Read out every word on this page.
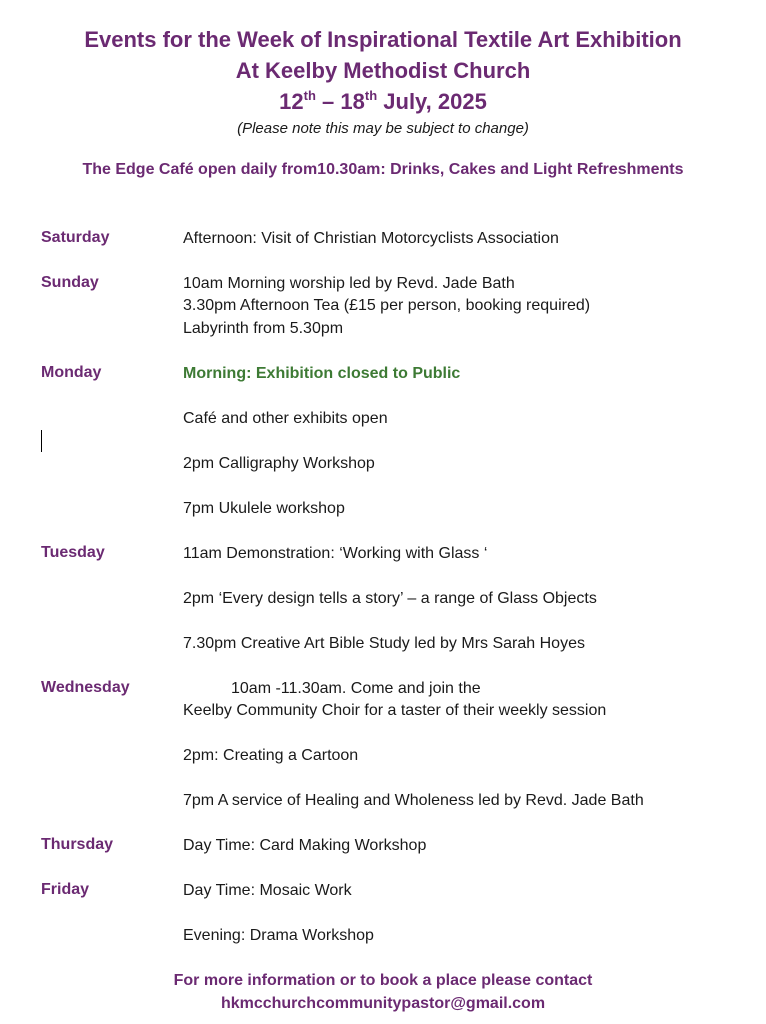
Events for the Week of Inspirational Textile Art Exhibition
At Keelby Methodist Church
12th – 18th July, 2025
(Please note this may be subject to change)
The Edge Café open daily from10.30am: Drinks, Cakes and Light Refreshments
Saturday	Afternoon: Visit of Christian Motorcyclists Association
Sunday	10am Morning worship led by Revd. Jade Bath
3.30pm Afternoon Tea (£15 per person, booking required)
Labyrinth from 5.30pm
Monday	Morning: Exhibition closed to Public
Café and other exhibits open
2pm Calligraphy Workshop
7pm Ukulele workshop
Tuesday	11am Demonstration: ‘Working with Glass ‘
2pm ‘Every design tells a story’ – a range of Glass Objects
7.30pm Creative Art Bible Study led by Mrs Sarah Hoyes
Wednesday	10am -11.30am. Come and join the
Keelby Community Choir for a taster of their weekly session
2pm: Creating a Cartoon
7pm A service of Healing and Wholeness led by Revd. Jade Bath
Thursday	Day Time: Card Making Workshop
Friday	Day Time: Mosaic Work
Evening: Drama Workshop
For more information or to book a place please contact
hkmcchurchcommunitypastor@gmail.com
